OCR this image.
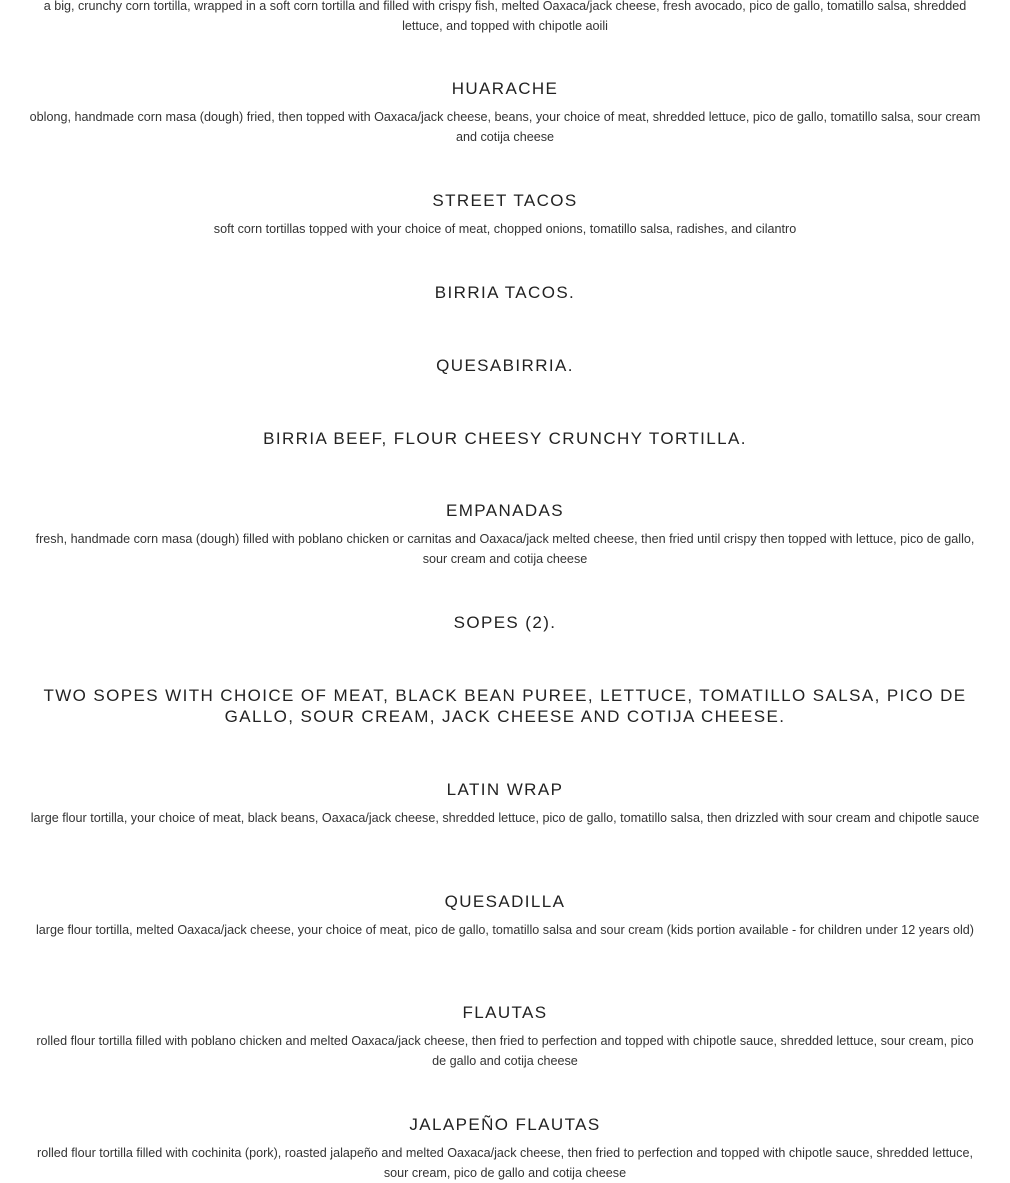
a big, crunchy corn tortilla, wrapped in a soft corn tortilla and filled with crispy fish, melted Oaxaca/jack cheese, fresh avocado, pico de gallo, tomatillo salsa, shredded lettuce, and topped with chipotle aoili

HUARACHE

oblong, handmade corn masa (dough) fried, then topped with Oaxaca/jack cheese, beans, your choice of meat, shredded lettuce, pico de gallo, tomatillo salsa, sour cream and cotija cheese

STREET TACOS

soft corn tortillas topped with your choice of meat, chopped onions, tomatillo salsa, radishes, and cilantro

BIRRIA TACOS.
QUESABIRRIA.
BIRRIA BEEF, FLOUR CHEESY CRUNCHY TORTILLA.
EMPANADAS

fresh, handmade corn masa (dough) filled with poblano chicken or carnitas and Oaxaca/jack melted cheese, then fried until crispy then topped with lettuce, pico de gallo, sour cream and cotija cheese

SOPES (2).
TWO SOPES WITH CHOICE OF MEAT, BLACK BEAN PUREE, LETTUCE, TOMATILLO SALSA, PICO DE GALLO, SOUR CREAM, JACK CHEESE AND COTIJA CHEESE.
LATIN WRAP

large flour tortilla, your choice of meat, black beans, Oaxaca/jack cheese, shredded lettuce, pico de gallo, tomatillo salsa, then drizzled with sour cream and chipotle sauce

QUESADILLA

large flour tortilla, melted Oaxaca/jack cheese, your choice of meat, pico de gallo, tomatillo salsa and sour cream (kids portion available - for children under 12 years old)

FLAUTAS

rolled flour tortilla filled with poblano chicken and melted Oaxaca/jack cheese, then fried to perfection and topped with chipotle sauce, shredded lettuce, sour cream, pico de gallo and cotija cheese

JALAPEÑO FLAUTAS

rolled flour tortilla filled with cochinita (pork), roasted jalapeño and melted Oaxaca/jack cheese, then fried to perfection and topped with chipotle sauce, shredded lettuce, sour cream, pico de gallo and cotija cheese
